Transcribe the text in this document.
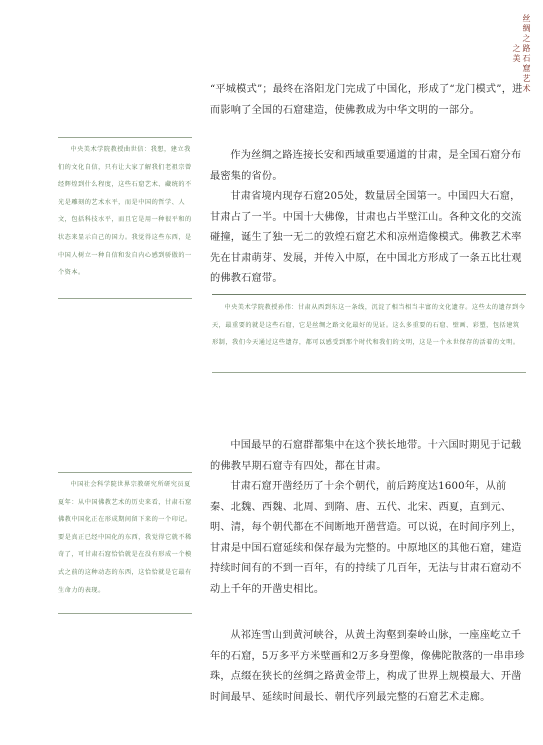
丝绸之路石窟艺术之美

“平城模式”；最终在洛阳龙门完成了中国化，形成了“龙门模式”，进而影响了全国的石窟建造，使佛教成为中华文明的一部分。

中央美术学院教授曲世信：我想，建立我们的文化自信，只有让大家了解我们老祖宗曾经辉煌到什么程度，这些石窟艺术、藏统的不光是雕刻的艺术水平，而是中国的哲学、人文，包括科技水平，而且它是用一种很平和的状态来显示自己的国力。我觉得这些东西，是中国人树立一种自信和发自内心感到骄傲的一个资本。

作为丝绸之路连接长安和西域重要通道的甘肃，是全国石窟分布最密集的省份。

甘肃省境内现存石窟205处，数量居全国第一。中国四大石窟，甘肃占了一半。中国十大佛像，甘肃也占半壁江山。各种文化的交流碰撞，诞生了独一无二的敦煌石窟艺术和凉州造像模式。佛教艺术率先在甘肃萌芽、发展，并传入中原，在中国北方形成了一条五比壮观的佛教石窟带。

中央美术学院教授孙伟：甘肃从西到东这一条线，沉淀了相当相当丰富的文化遗存。这些太的遗存到今天，最重要的就是这些石窟，它是丝绸之路文化最好的见证。这么多重要的石窟、壁画、彩塑，包括建筑形制，我们今天通过这些遗存，都可以感受到那个时代和我们的文明，这是一个永世保存的活着的文明。

中国最早的石窟群都集中在这个狭长地带。十六国时期见于记载的佛教早期石窟寺有四处，都在甘肃。

甘肃石窟开凿经历了十余个朝代，前后跨度达1600年，从前秦、北魏、西魏、北周、到隋、唐、五代、北宋、西夏，直到元、明、清，每个朝代都在不间断地开凿营造。可以说，在时间序列上，甘肃是中国石窟延续和保存最为完整的。中原地区的其他石窟，建造持续时间有的不到一百年，有的持续了几百年，无法与甘肃石窟动不动上千年的开凿史相比。

中国社会科学院世界宗教研究所研究员夏夏年：从中国佛教艺术的历史来看，甘肃石窟佛教中国化正在形成期间留下来的一个印记。要是真正已经中国化的东西，我觉得它就不稀奇了，可甘肃石窟恰恰就是在没有形成一个模式之前的这种动态的东西，这恰恰就是它最有生命力的表现。

从祁连雪山到黄河峡谷，从黄土沟壑到秦岭山脉，一座座屹立千年的石窟，5万多平方米壁画和2万多身塑像，像佛陀散落的一串串珍珠，点缀在狭长的丝绸之路黄金带上，构成了世界上规模最大、开凿时间最早、延续时间最长、朝代序列最完整的石窟艺术走廊。
